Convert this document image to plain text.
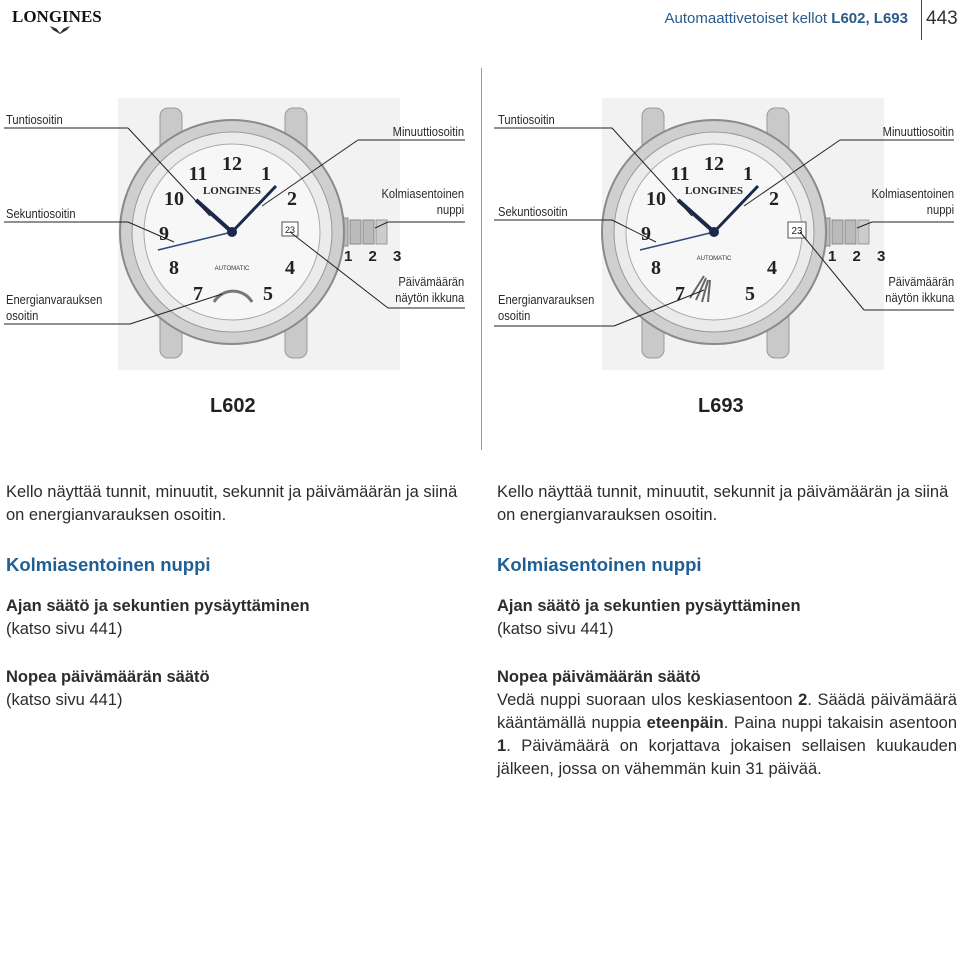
LONGINES	Automaattivetoiset kellot L602, L693 443
12 1
2
4
5
7
8
9
10
11
LONGINES
AUTOMATIC
23
Tuntiosoitin
Minuuttiosoitin
Sekuntiosoitin
Kolmiasentoinen
nuppi
1 2 3
Päivämäärän
näytön ikkuna
Energianvarauksen
osoitin
L602
12 1
2
4
5
7
8
9
10
11
LONGINES
AUTOMATIC
23
Tuntiosoitin
Minuuttiosoitin
Sekuntiosoitin
Kolmiasentoinen
nuppi
1 2 3
Päivämäärän
näytön ikkuna
Energianvarauksen
osoitin
L693

Kello näyttää tunnit, minuutit, sekunnit ja päivämäärän ja siinä on energianvarauksen osoitin.

Kolmiasentoinen nuppi

Ajan säätö ja sekuntien pysäyttäminen

(katso sivu 441)

Nopea päivämäärän säätö

(katso sivu 441)

Kello näyttää tunnit, minuutit, sekunnit ja päivämäärän ja siinä on energianvarauksen osoitin.

Kolmiasentoinen nuppi

Ajan säätö ja sekuntien pysäyttäminen

(katso sivu 441)

Nopea päivämäärän säätö

Vedä nuppi suoraan ulos keskiasentoon 2. Säädä päivämäärä kääntämällä nuppia eteenpäin. Paina nuppi takaisin asentoon 1. Päivämäärä on korjattava jokaisen sellaisen kuukauden jälkeen, jossa on vähemmän kuin 31 päivää.
